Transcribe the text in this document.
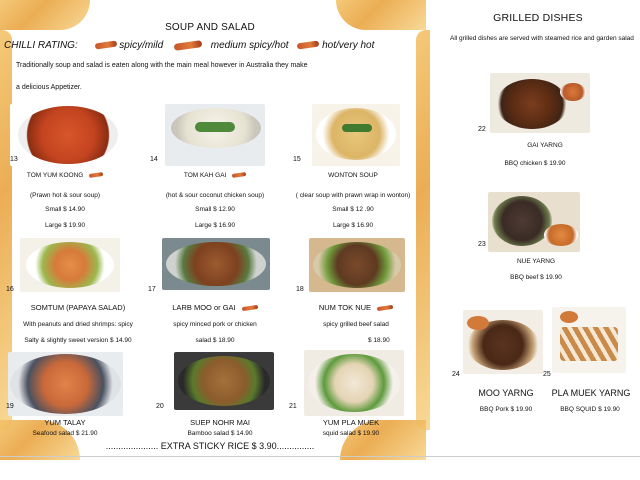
SOUP AND SALAD
CHILLI RATING:	spicy/mild	medium spicy/hot	hot/very hot
Traditionally soup and salad is eaten along with the main meal however in Australia they make
a delicious Appetizer.
13	14	15
TOM YUM KOONG
(Prawn hot & sour soup)
Small $ 14.90
Large $ 19.90
TOM KAH GAI
(hot & sour coconut chicken soup)
Small $ 12.90
Large $ 16.90
WONTON SOUP
( clear soup with prawn wrap in wonton)
Small $ 12 .90
Large $ 16.90
16	17	18
SOMTUM (PAPAYA SALAD)
With peanuts and dried shrimps: spicy
Salty & slightly sweet version $ 14.90
LARB MOO or GAI
spicy minced pork or chicken
salad $ 18.90
NUM TOK NUE
spicy grilled beef salad
$ 18.90
19	20	21
YUM TALAY
Seafood salad $ 21.90
SUEP NOHR MAI
Bamboo salad $ 14.90
YUM PLA MUEK
squid salad $ 19.90
..................... EXTRA STICKY RICE $ 3.90...............
GRILLED DISHES
All grilled dishes are served with steamed rice and garden salad
22
GAI YARNG
BBQ chicken $ 19.90
23
NUE YARNG
BBQ beef $ 19.90
24	25
MOO YARNG	PLA MUEK YARNG
BBQ Pork $ 19.90	BBQ SQUID $ 19.90
